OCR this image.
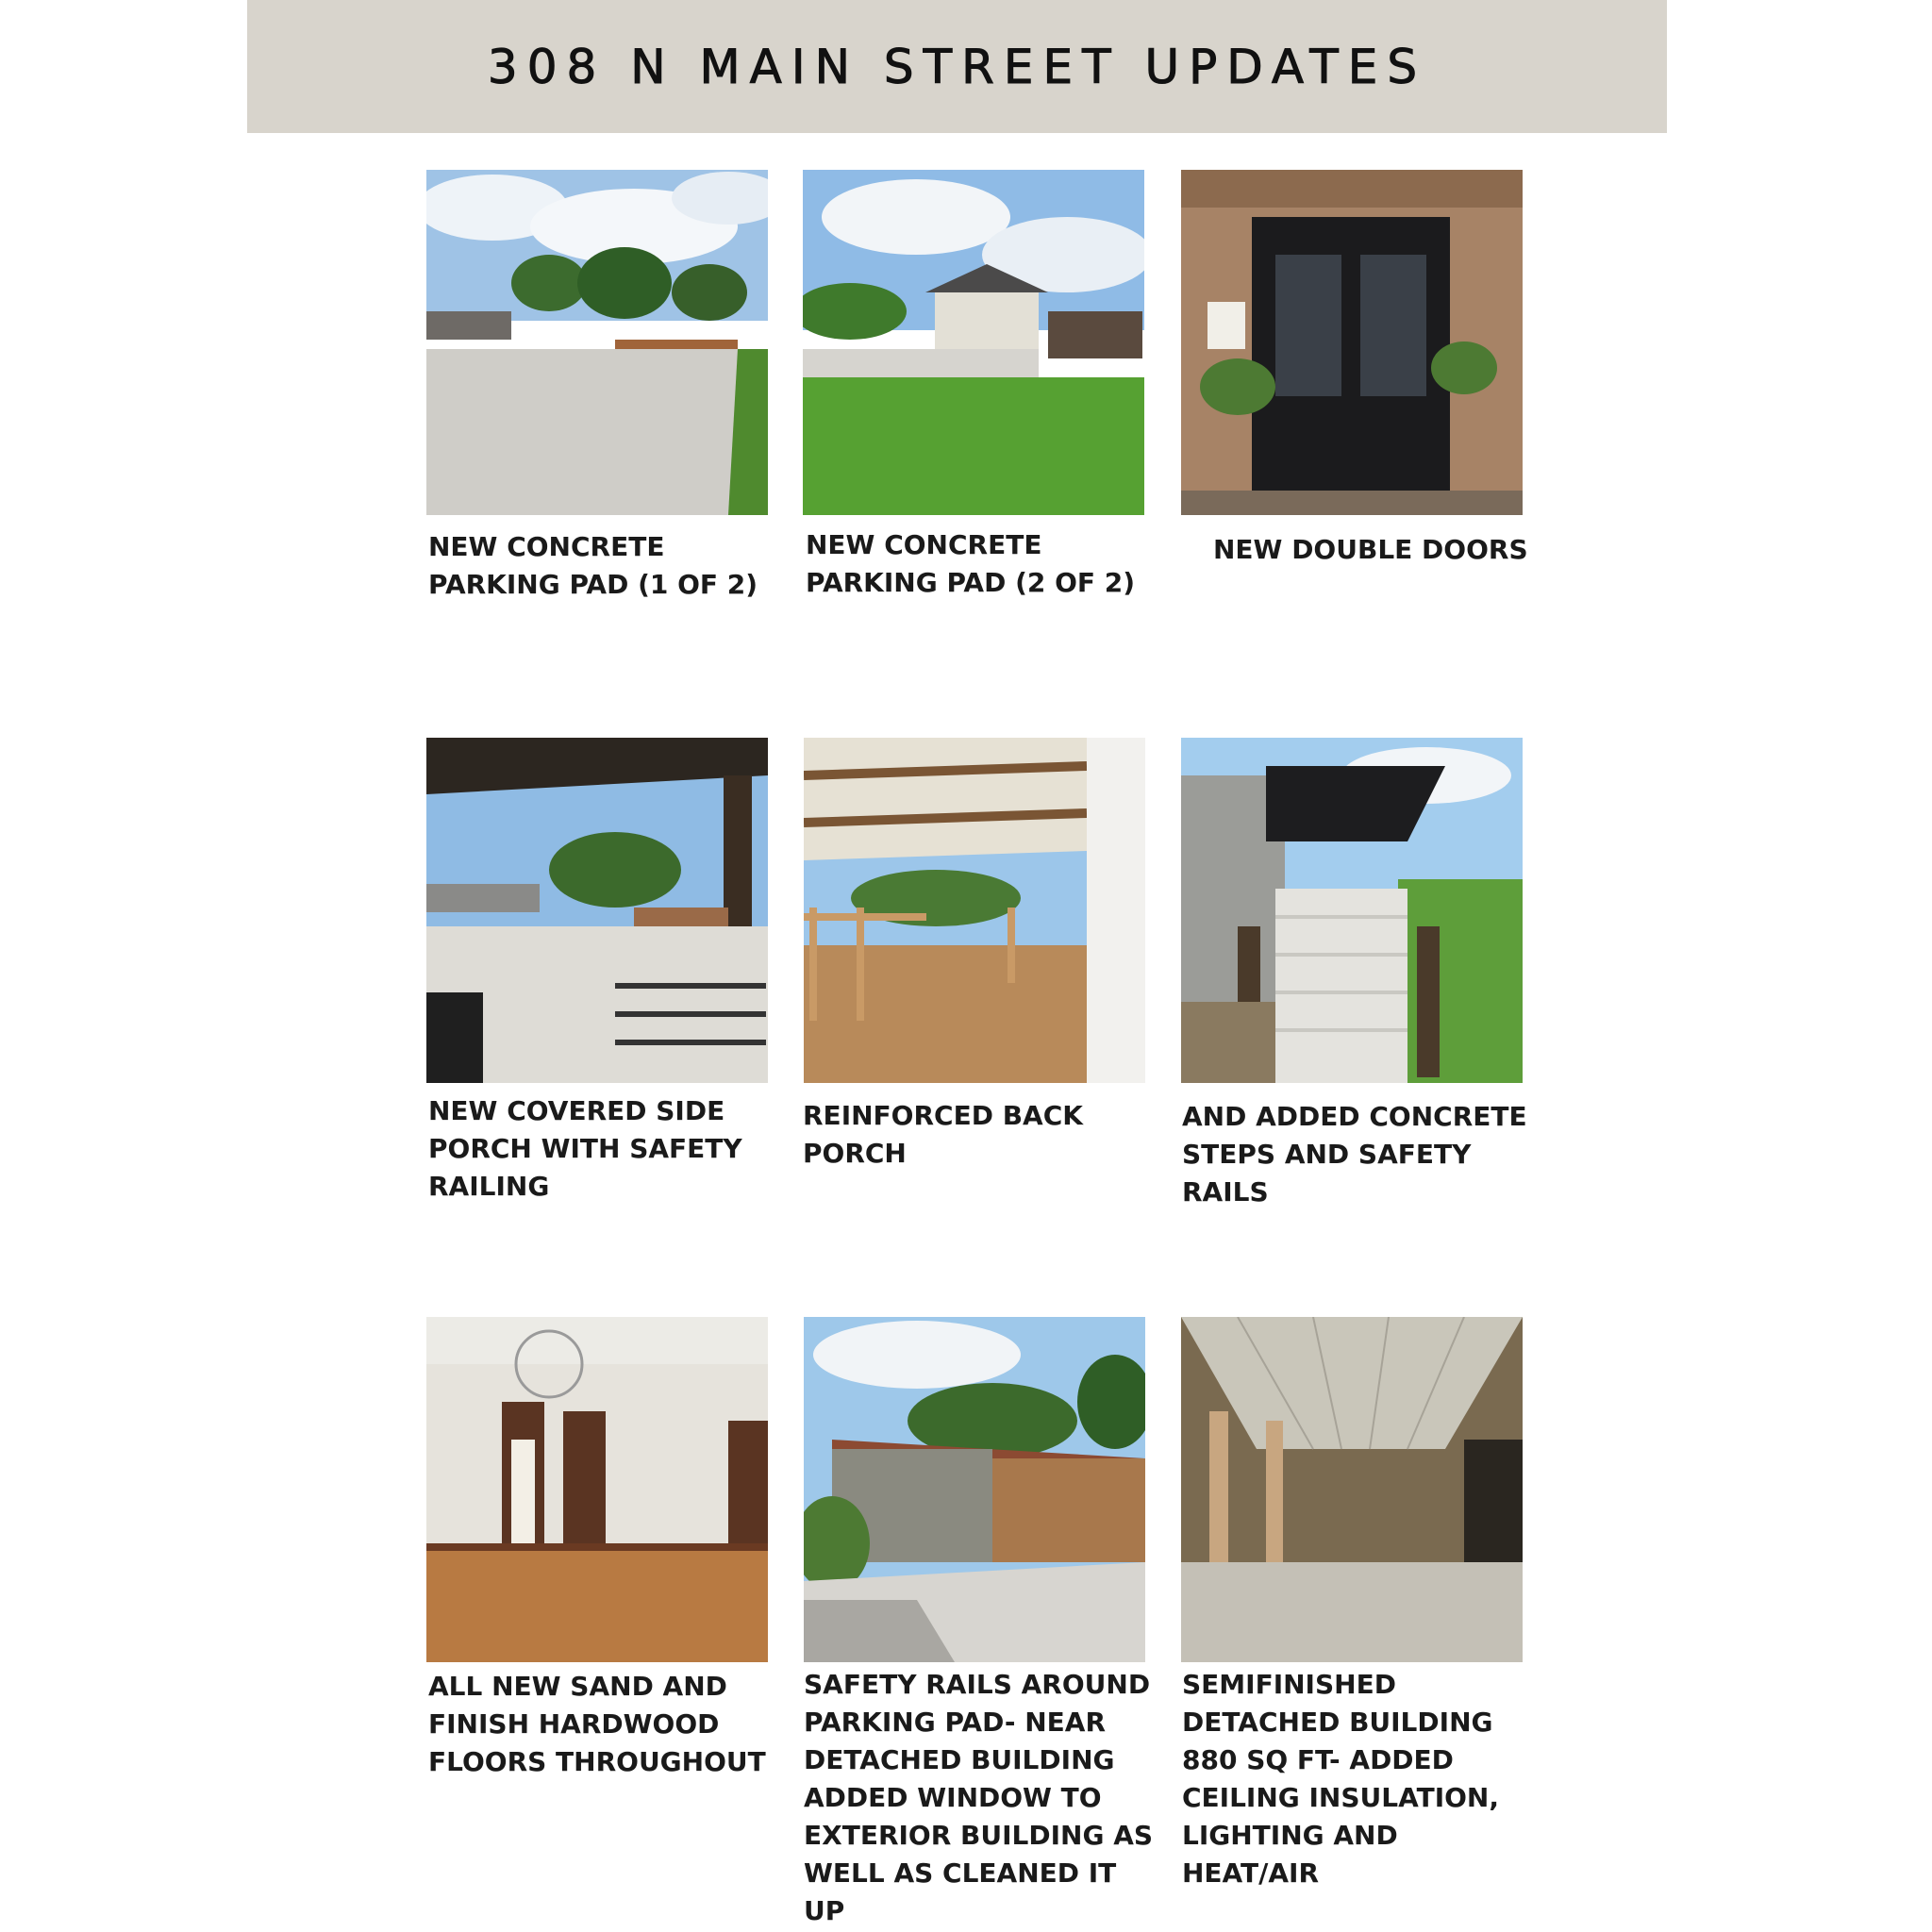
308 N MAIN STREET UPDATES
NEW CONCRETE PARKING PAD (1 OF 2)
NEW CONCRETE PARKING PAD (2 OF 2)
NEW DOUBLE DOORS
NEW COVERED SIDE PORCH WITH SAFETY RAILING
REINFORCED BACK PORCH
AND ADDED CONCRETE STEPS AND SAFETY RAILS
ALL NEW SAND AND FINISH HARDWOOD FLOORS THROUGHOUT
SAFETY RAILS AROUND PARKING PAD- NEAR DETACHED BUILDING ADDED WINDOW TO EXTERIOR BUILDING AS WELL AS CLEANED IT UP
SEMIFINISHED DETACHED BUILDING 880 SQ FT- ADDED CEILING INSULATION, LIGHTING AND HEAT/AIR
